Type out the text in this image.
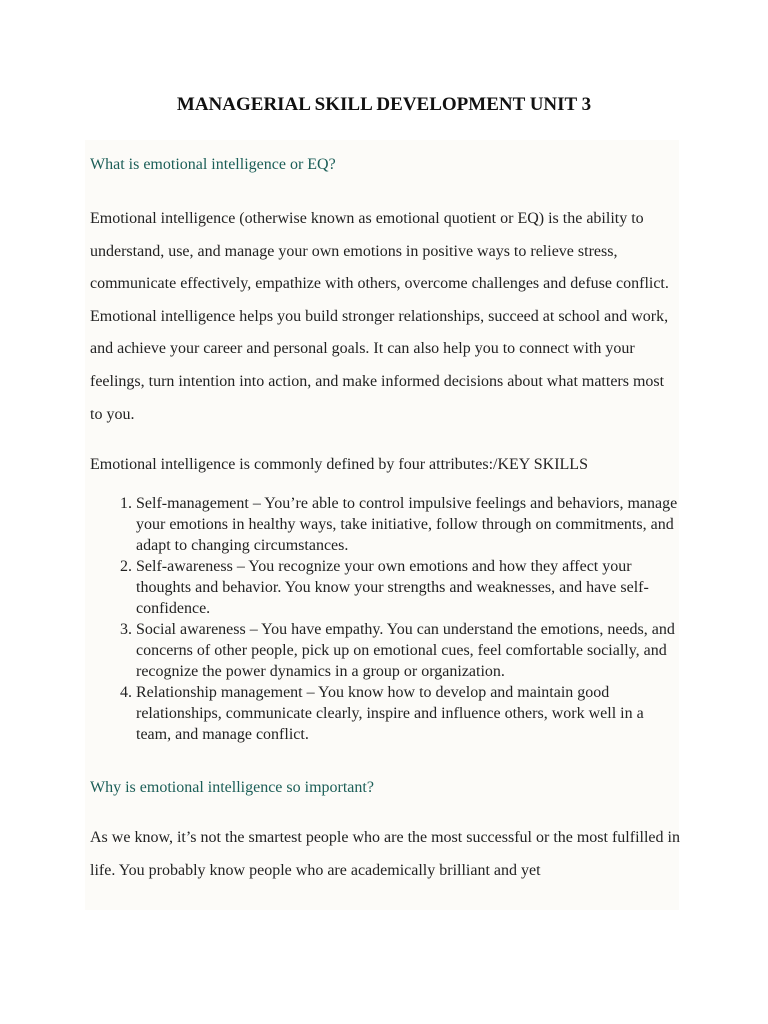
MANAGERIAL SKILL DEVELOPMENT UNIT 3

What is emotional intelligence or EQ?

Emotional intelligence (otherwise known as emotional quotient or EQ) is the ability to understand, use, and manage your own emotions in positive ways to relieve stress, communicate effectively, empathize with others, overcome challenges and defuse conflict. Emotional intelligence helps you build stronger relationships, succeed at school and work, and achieve your career and personal goals. It can also help you to connect with your feelings, turn intention into action, and make informed decisions about what matters most to you.

Emotional intelligence is commonly defined by four attributes:/KEY SKILLS

1. Self-management – You’re able to control impulsive feelings and behaviors, manage your emotions in healthy ways, take initiative, follow through on commitments, and adapt to changing circumstances.
2. Self-awareness – You recognize your own emotions and how they affect your thoughts and behavior. You know your strengths and weaknesses, and have self-confidence.
3. Social awareness – You have empathy. You can understand the emotions, needs, and concerns of other people, pick up on emotional cues, feel comfortable socially, and recognize the power dynamics in a group or organization.
4. Relationship management – You know how to develop and maintain good relationships, communicate clearly, inspire and influence others, work well in a team, and manage conflict.

Why is emotional intelligence so important?

As we know, it’s not the smartest people who are the most successful or the most fulfilled in life. You probably know people who are academically brilliant and yet
